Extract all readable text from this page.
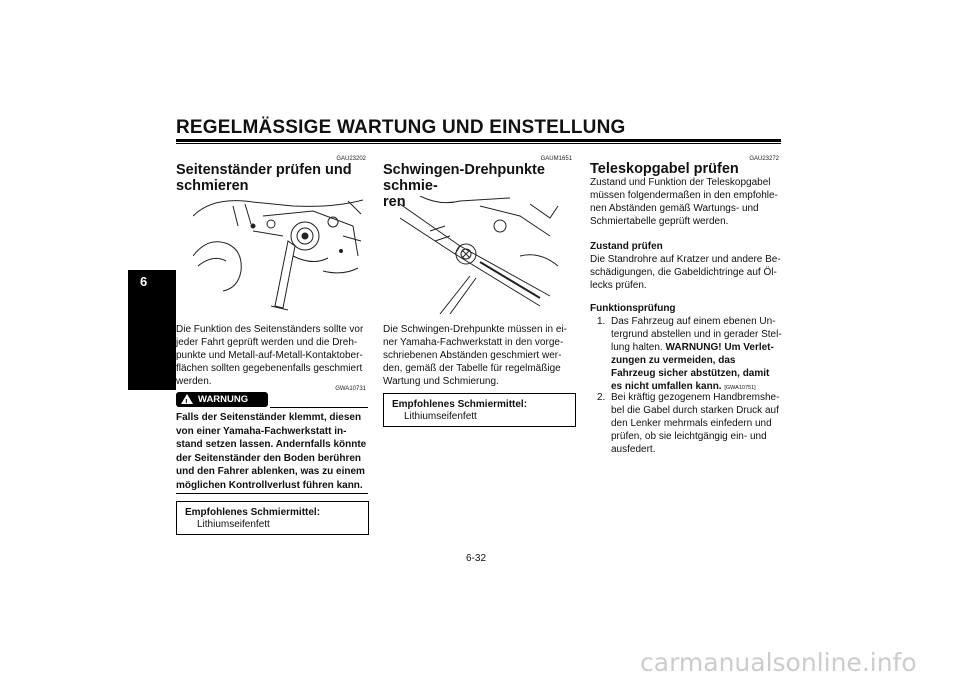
REGELMÄSSIGE WARTUNG UND EINSTELLUNG
6
GAU23202
Seitenständer prüfen und
schmieren
Die Funktion des Seitenständers sollte vor
jeder Fahrt geprüft werden und die Dreh-
punkte und Metall-auf-Metall-Kontaktober-
flächen sollten gegebenenfalls geschmiert
werden.
GWA10731
! WARNUNG
Falls der Seitenständer klemmt, diesen
von einer Yamaha-Fachwerkstatt in-
stand setzen lassen. Andernfalls könnte
der Seitenständer den Boden berühren
und den Fahrer ablenken, was zu einem
möglichen Kontrollverlust führen kann.
Empfohlenes Schmiermittel:
Lithiumseifenfett
GAUM1651
Schwingen-Drehpunkte schmie-
ren
Die Schwingen-Drehpunkte müssen in ei-
ner Yamaha-Fachwerkstatt in den vorge-
schriebenen Abständen geschmiert wer-
den, gemäß der Tabelle für regelmäßige
Wartung und Schmierung.
Empfohlenes Schmiermittel:
Lithiumseifenfett
GAU23272
Teleskopgabel prüfen
Zustand und Funktion der Teleskopgabel
müssen folgendermaßen in den empfohle-
nen Abständen gemäß Wartungs- und
Schmiertabelle geprüft werden.
Zustand prüfen
Die Standrohre auf Kratzer und andere Be-
schädigungen, die Gabeldichtringe auf Öl-
lecks prüfen.
Funktionsprüfung
1. Das Fahrzeug auf einem ebenen Un-
tergrund abstellen und in gerader Stel-
lung halten. WARNUNG! Um Verlet-
zungen zu vermeiden, das
Fahrzeug sicher abstützen, damit
es nicht umfallen kann. [GWA10751]
2. Bei kräftig gezogenem Handbremshe-
bel die Gabel durch starken Druck auf
den Lenker mehrmals einfedern und
prüfen, ob sie leichtgängig ein- und
ausfedert.
6-32
carmanualsonline.info
